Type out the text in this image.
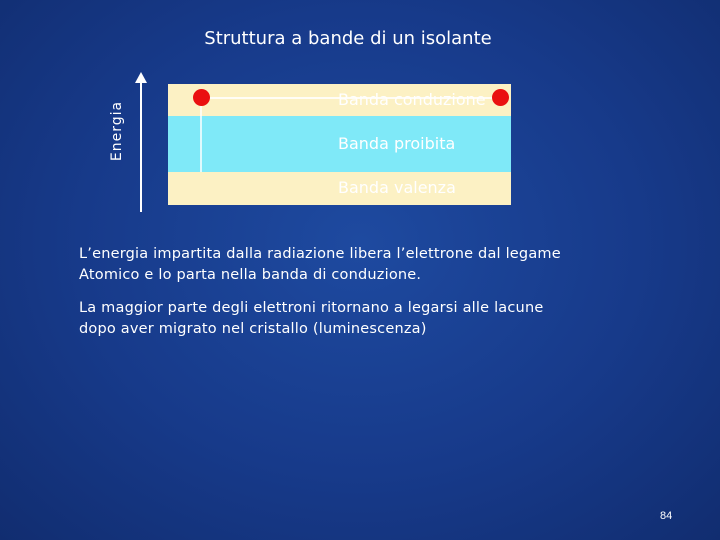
Struttura a bande di un isolante
Energia
Banda conduzione
Banda proibita
Banda valenza
L’energia impartita dalla radiazione libera l’elettrone dal legame
Atomico e lo parta nella banda di conduzione.
La maggior parte degli elettroni ritornano a legarsi alle lacune
dopo aver migrato nel cristallo (luminescenza)
84
